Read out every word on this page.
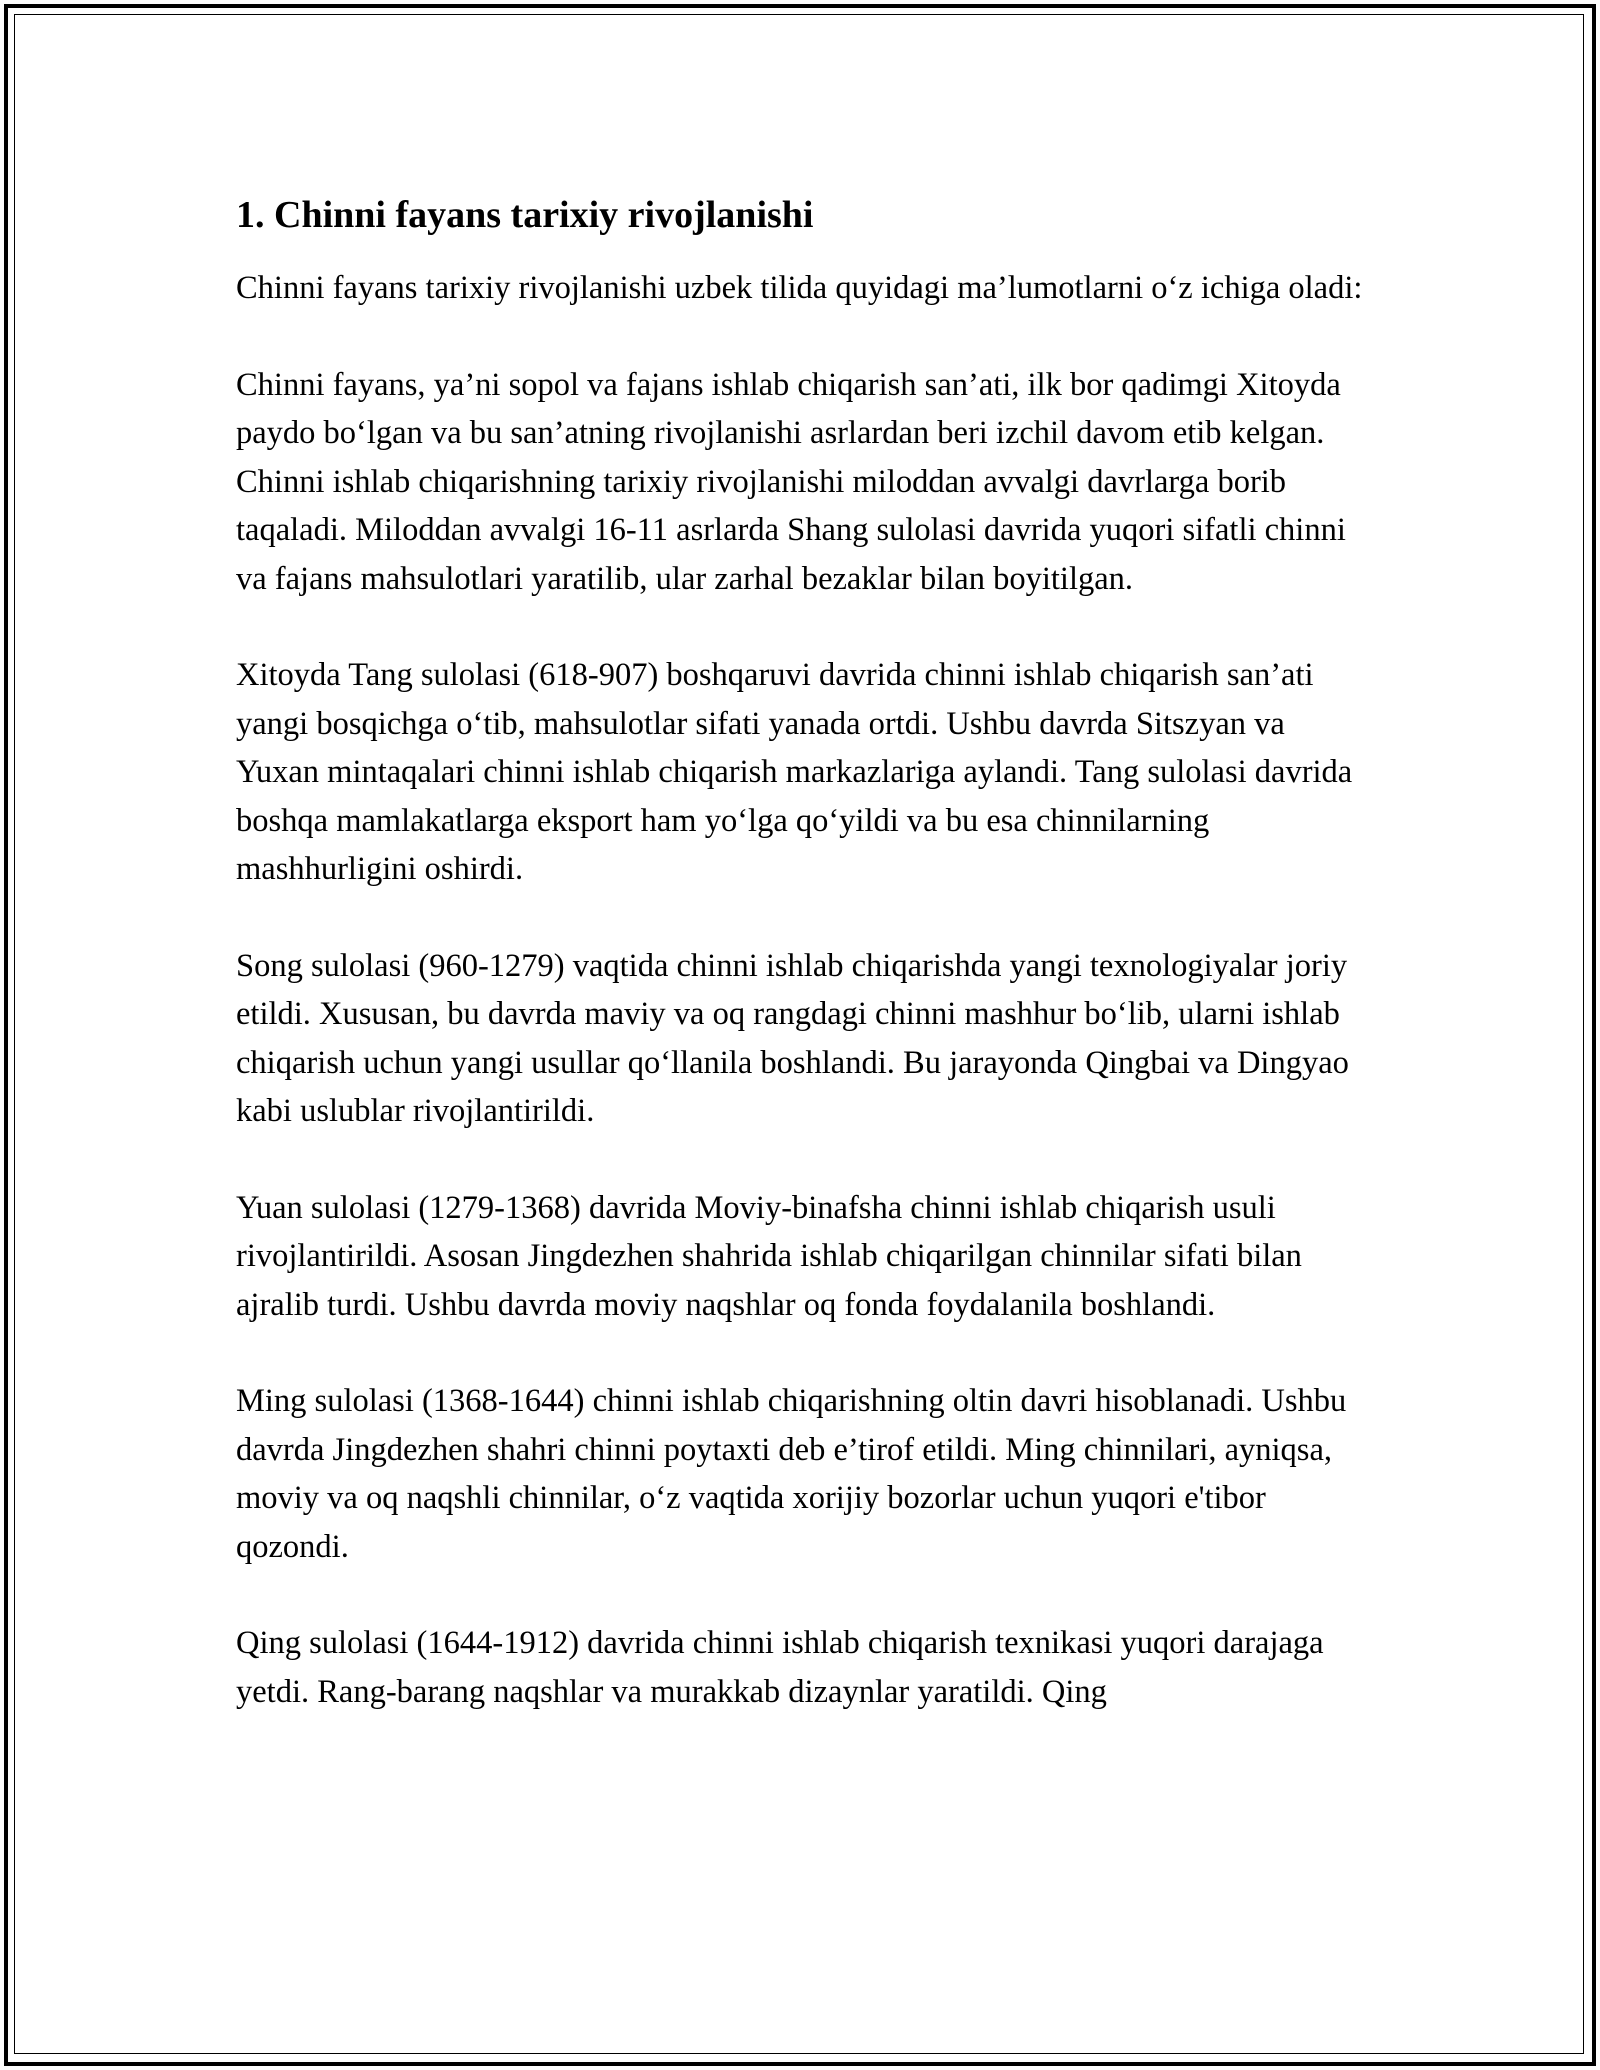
1. Chinni fayans tarixiy rivojlanishi

Chinni fayans tarixiy rivojlanishi uzbek tilida quyidagi ma’lumotlarni o‘z ichiga oladi:

Chinni fayans, ya’ni sopol va fajans ishlab chiqarish san’ati, ilk bor qadimgi Xitoyda paydo bo‘lgan va bu san’atning rivojlanishi asrlardan beri izchil davom etib kelgan. Chinni ishlab chiqarishning tarixiy rivojlanishi miloddan avvalgi davrlarga borib taqaladi. Miloddan avvalgi 16-11 asrlarda Shang sulolasi davrida yuqori sifatli chinni va fajans mahsulotlari yaratilib, ular zarhal bezaklar bilan boyitilgan.

Xitoyda Tang sulolasi (618-907) boshqaruvi davrida chinni ishlab chiqarish san’ati yangi bosqichga o‘tib, mahsulotlar sifati yanada ortdi. Ushbu davrda Sitszyan va Yuxan mintaqalari chinni ishlab chiqarish markazlariga aylandi. Tang sulolasi davrida boshqa mamlakatlarga eksport ham yo‘lga qo‘yildi va bu esa chinnilarning mashhurligini oshirdi.

Song sulolasi (960-1279) vaqtida chinni ishlab chiqarishda yangi texnologiyalar joriy etildi. Xususan, bu davrda maviy va oq rangdagi chinni mashhur bo‘lib, ularni ishlab chiqarish uchun yangi usullar qo‘llanila boshlandi. Bu jarayonda Qingbai va Dingyao kabi uslublar rivojlantirildi.

Yuan sulolasi (1279-1368) davrida Moviy-binafsha chinni ishlab chiqarish usuli rivojlantirildi. Asosan Jingdezhen shahrida ishlab chiqarilgan chinnilar sifati bilan ajralib turdi. Ushbu davrda moviy naqshlar oq fonda foydalanila boshlandi.

Ming sulolasi (1368-1644) chinni ishlab chiqarishning oltin davri hisoblanadi. Ushbu davrda Jingdezhen shahri chinni poytaxti deb e’tirof etildi. Ming chinnilari, ayniqsa, moviy va oq naqshli chinnilar, o‘z vaqtida xorijiy bozorlar uchun yuqori e'tibor qozondi.

Qing sulolasi (1644-1912) davrida chinni ishlab chiqarish texnikasi yuqori darajaga yetdi. Rang-barang naqshlar va murakkab dizaynlar yaratildi. Qing
